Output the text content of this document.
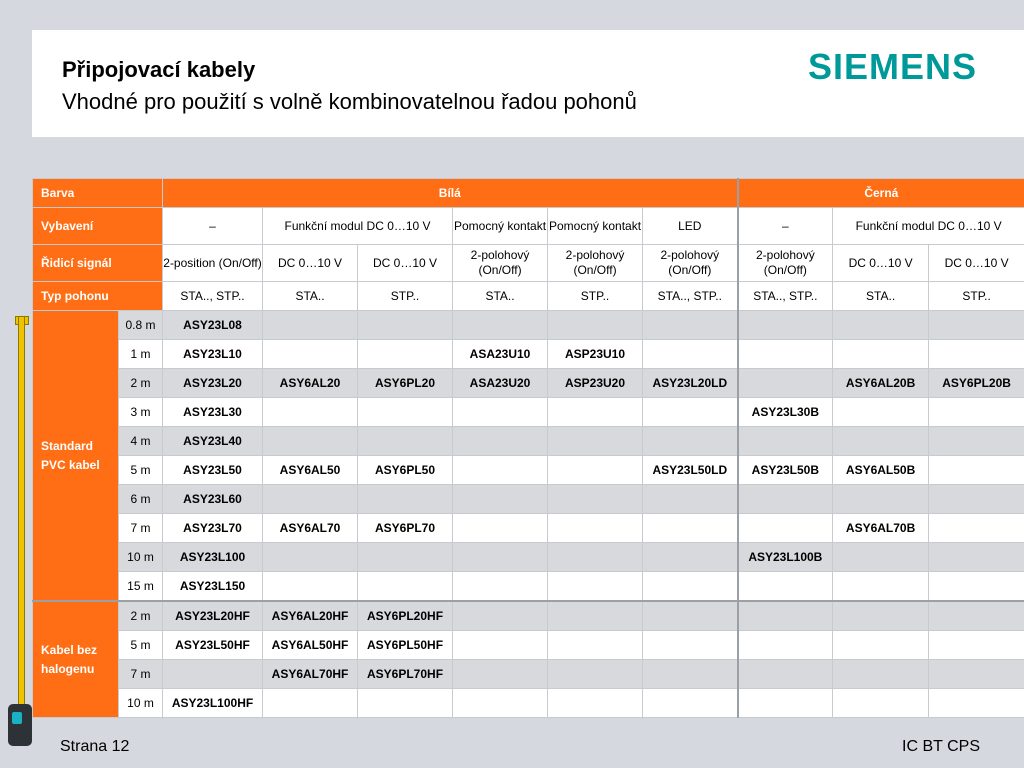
Připojovací kabely
Vhodné pro použití s volně kombinovatelnou řadou pohonů
SIEMENS
Barva		Bílá						Černá		
Vybavení		–	Funkční modul DC 0…10 V		Pomocný kontakt	Pomocný kontakt	LED	–	Funkční modul DC 0…10 V	
Řidicí signál		2-position (On/Off)	DC 0…10 V	DC 0…10 V	2-polohový (On/Off)	2-polohový (On/Off)	2-polohový (On/Off)	2-polohový (On/Off)	DC 0…10 V	DC 0…10 V
Typ pohonu		STA.., STP..	STA..	STP..	STA..	STP..	STA.., STP..	STA.., STP..	STA..	STP..
Standard PVC kabel	0.8 m	ASY23L08								
	1 m	ASY23L10			ASA23U10	ASP23U10				
	2 m	ASY23L20	ASY6AL20	ASY6PL20	ASA23U20	ASP23U20	ASY23L20LD		ASY6AL20B	ASY6PL20B
	3 m	ASY23L30						ASY23L30B		
	4 m	ASY23L40								
	5 m	ASY23L50	ASY6AL50	ASY6PL50			ASY23L50LD	ASY23L50B	ASY6AL50B	
	6 m	ASY23L60								
	7 m	ASY23L70	ASY6AL70	ASY6PL70					ASY6AL70B	
	10 m	ASY23L100						ASY23L100B		
	15 m	ASY23L150								
Kabel bez halogenu	2 m	ASY23L20HF	ASY6AL20HF	ASY6PL20HF						
	5 m	ASY23L50HF	ASY6AL50HF	ASY6PL50HF						
	7 m		ASY6AL70HF	ASY6PL70HF						
	10 m	ASY23L100HF								
Strana 12	IC BT CPS
